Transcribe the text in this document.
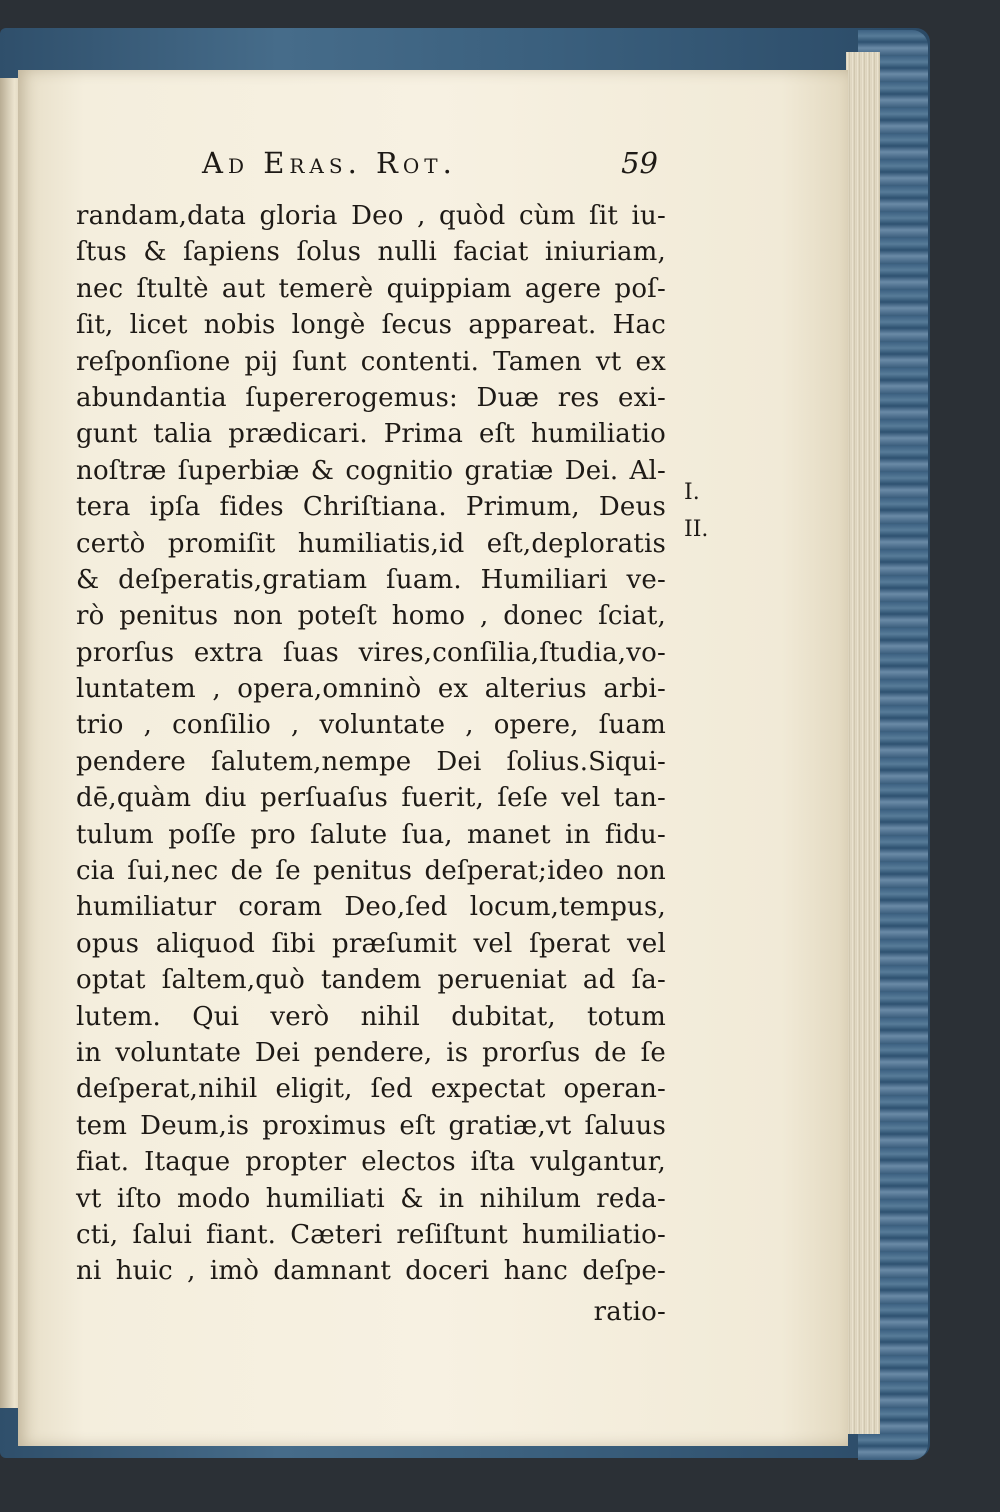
Ad Eras. Rot.	59
randam,data gloria Deo , quòd cùm ſit iu-
ſtus & ſapiens ſolus nulli faciat iniuriam,
nec ſtultè aut temerè quippiam agere poſ-
ſit, licet nobis longè ſecus appareat. Hac
reſponſione pij ſunt contenti. Tamen vt ex
abundantia ſupererogemus: Duæ res exi-
gunt talia prædicari. Prima eſt humiliatio
noſtræ ſuperbiæ & cognitio gratiæ Dei. Al-
tera ipſa fides Chriſtiana. Primum, Deus
certò promiſit humiliatis,id eſt,deploratis
& deſperatis,gratiam ſuam. Humiliari ve-
rò penitus non poteſt homo , donec ſciat,
prorſus extra ſuas vires,conſilia,ſtudia,vo-
luntatem , opera,omninò ex alterius arbi-
trio , conſilio , voluntate , opere, ſuam
pendere ſalutem,nempe Dei ſolius.Siqui-
dē,quàm diu perſuaſus fuerit, ſeſe vel tan-
tulum poſſe pro ſalute ſua, manet in fidu-
cia ſui,nec de ſe penitus deſperat;ideo non
humiliatur coram Deo,ſed locum,tempus,
opus aliquod ſibi præſumit vel ſperat vel
optat ſaltem,quò tandem perueniat ad ſa-
lutem. Qui verò nihil dubitat, totum
in voluntate Dei pendere, is prorſus de ſe
deſperat,nihil eligit, ſed expectat operan-
tem Deum,is proximus eſt gratiæ,vt ſaluus
fiat. Itaque propter electos iſta vulgantur,
vt iſto modo humiliati & in nihilum reda-
cti, ſalui fiant. Cæteri reſiſtunt humiliatio-
ni huic , imò damnant doceri hanc deſpe-
ratio-
I.
II.
